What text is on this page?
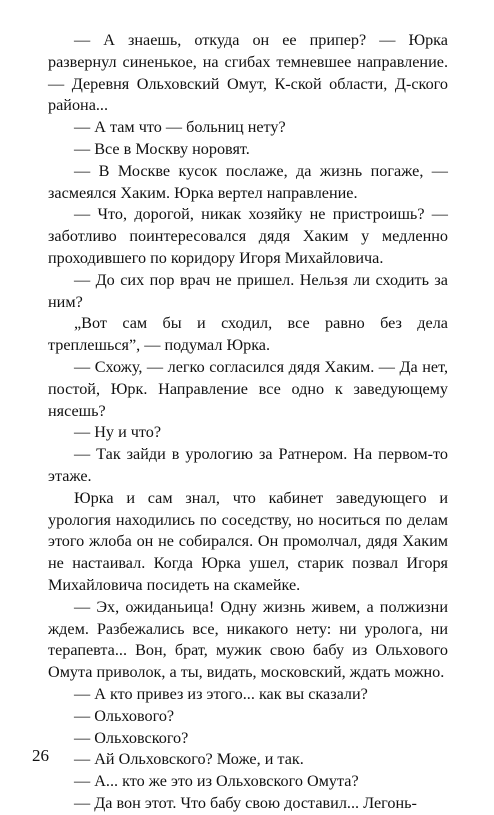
— А знаешь, откуда он ее припер? — Юрка развернул синенькое, на сгибах темневшее направление. — Деревня Ольховский Омут, К-ской области, Д-ского района...

— А там что — больниц нету?

— Все в Москву норовят.

— В Москве кусок послаже, да жизнь погаже, — засмеялся Хаким. Юрка вертел направление.

— Что, дорогой, никак хозяйку не пристроишь? — заботливо поинтересовался дядя Хаким у медленно проходившего по коридору Игоря Михайловича.

— До сих пор врач не пришел. Нельзя ли сходить за ним?

„Вот сам бы и сходил, все равно без дела треплешься”, — подумал Юрка.

— Схожу, — легко согласился дядя Хаким. — Да нет, постой, Юрк. Направление все одно к заведующему нясешь?

— Ну и что?

— Так зайди в урологию за Ратнером. На первом-то этаже.

Юрка и сам знал, что кабинет заведующего и урология находились по соседству, но носиться по делам этого жлоба он не собирался. Он промолчал, дядя Хаким не настаивал. Когда Юрка ушел, старик позвал Игоря Михайловича посидеть на скамейке.

— Эх, ожиданьица! Одну жизнь живем, а полжизни ждем. Разбежались все, никакого нету: ни уролога, ни терапевта... Вон, брат, мужик свою бабу из Ольхового Омута приволок, а ты, видать, московский, ждать можно.

— А кто привез из этого... как вы сказали?

— Ольхового?

— Ольховского?

— Ай Ольховского? Може, и так.

— А... кто же это из Ольховского Омута?

— Да вон этот. Что бабу свою доставил... Легонь-

26
